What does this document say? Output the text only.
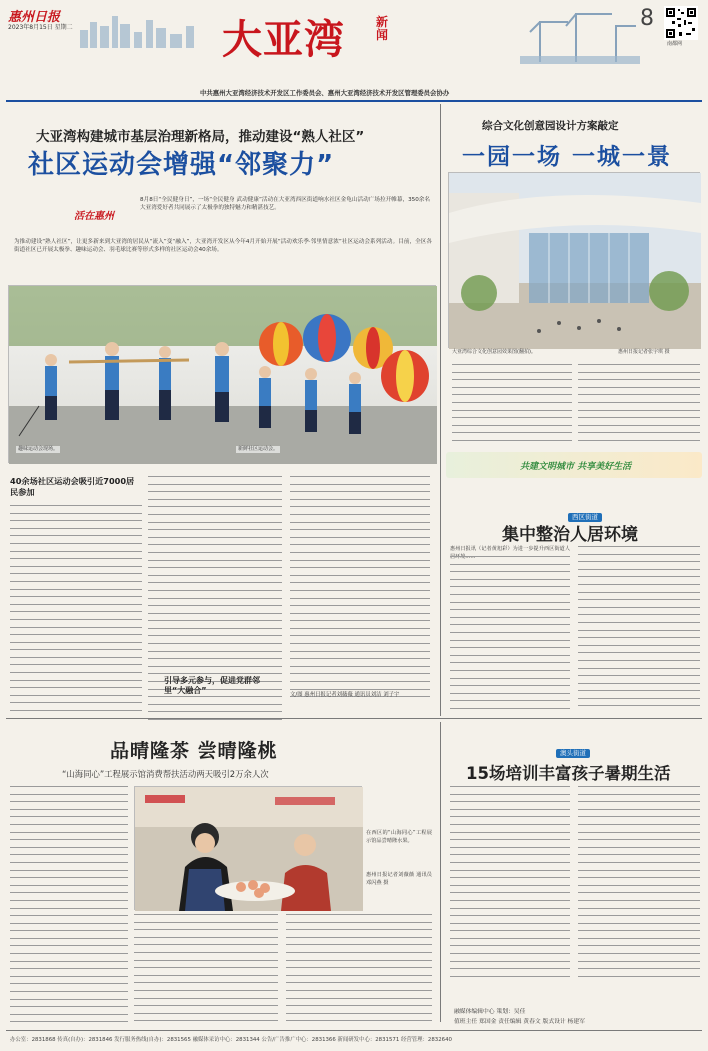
惠州日报
2023年8月15日 星期二	大亚湾	新闻
8
南都网
中共惠州大亚湾经济技术开发区工作委员会、惠州大亚湾经济技术开发区管理委员会协办
大亚湾构建城市基层治理新格局，推动建设“熟人社区”
社区运动会增强“邻聚力”
活在惠州
8月8日“全民健身日”，一场“全民健身 武动健康”活动在大亚湾西区街道响水社区金龟山活动广场拉开帷幕，350余名大亚湾爱好者共同展示了太极拳的独特魅力和精湛技艺。
为推动建设“熟人社区”，让更多新来到大亚湾的居民从“流入”变“融入”，大亚湾开发区从今年4月开始开展“活动欢乐季·邻里情意浓”社区运动会系列活动。目前，全区各街道社区已开展太极拳、趣味运动会、羽毛球比赛等形式多样的社区运动会40余场。
趣味运动会现场。	新鲜社区运动会。
40余场社区运动会吸引近7000居民参加
引导多元参与，促进党群邻里“大融合”	文/图 惠州日报记者刘薇薇 通讯员刘洁 刘子宇
综合文化创意园设计方案敲定
一园一场 一城一景
大亚湾综合文化创意园效果图(翻拍)。	惠州日报记者张宇琪 摄
共建文明城市 共享美好生活
西区街道
集中整治人居环境
惠州日报讯（记者黄旭彩）为进一步提升西区街道人
品晴隆茶 尝晴隆桃
“山海同心”工程展示馆消费帮扶活动两天吸引2万余人次
在西区的“山海同心”工程展示馆品尝晴隆水果。
惠州日报记者刘薇薇 通讯员邓闪燕 摄
澳头街道
15场培训丰富孩子暑期生活
融媒体编辑中心 策划：吴佳
值班主任 郑国金 责任编辑 黄春文 版式设计 杨建军
办公室：2831868 传真(自办)：2831846 发行服务热线(自办)：2831565 融媒体采访中心：2831344 公告/广告推广中心：2831366 新闻研发中心：2831571 经营管理：2832640
